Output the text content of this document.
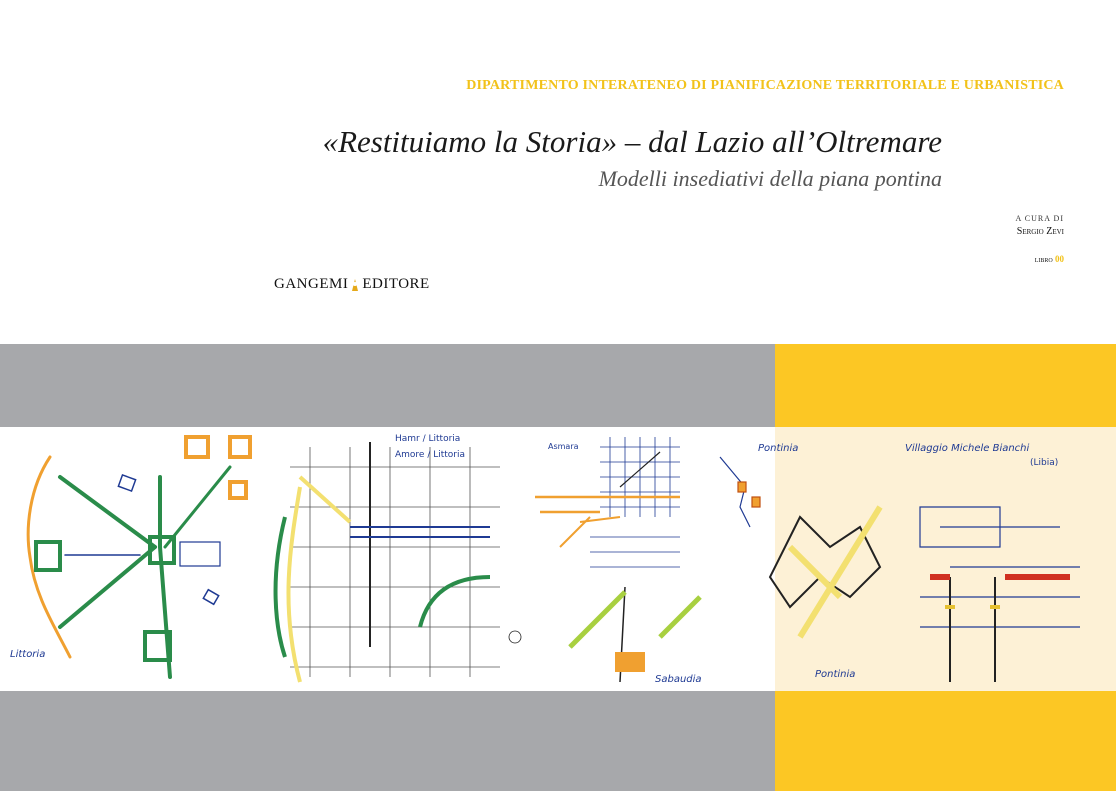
DIPARTIMENTO INTERATENEO DI PIANIFICAZIONE TERRITORIALE E URBANISTICA
«Restituiamo la Storia» – dal Lazio all’Oltremare
Modelli insediativi della piana pontina
A CURA DI
Sergio Zevi
libro 00
GANGEMI EDITORE
Littoria
Hamr / Littoria
Amore / Littoria
Asmara
Sabaudia
Pontinia
Pontinia
Villaggio Michele Bianchi
(Libia)
